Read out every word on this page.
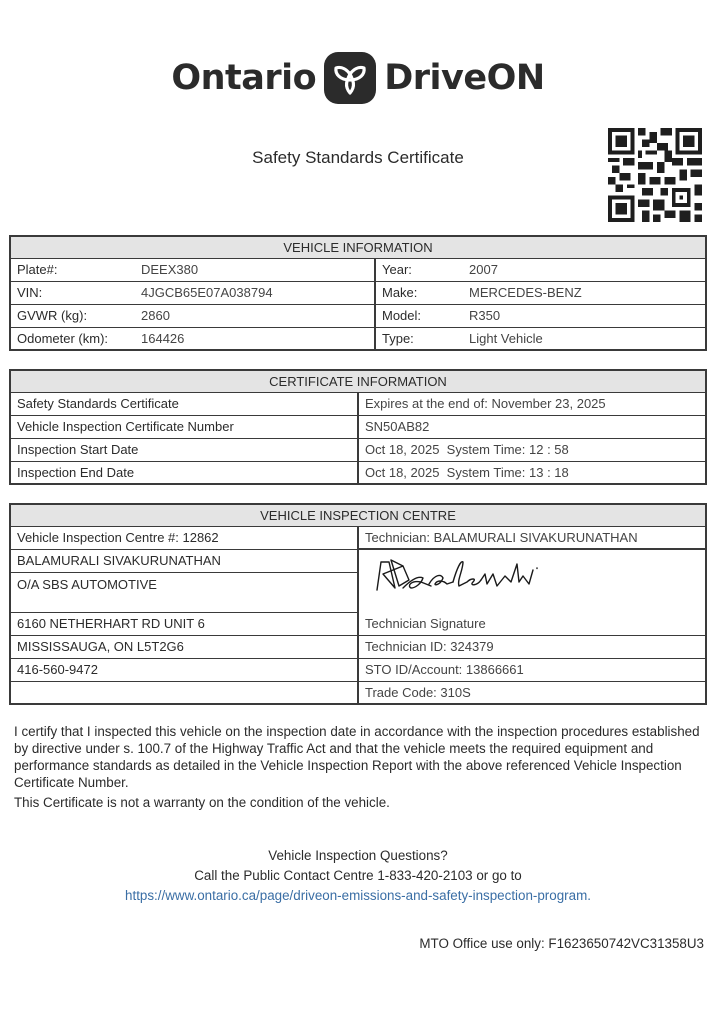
Ontario DriveON
Safety Standards Certificate
VEHICLE INFORMATION			
Plate#:	DEEX380	Year:	2007
VIN:	4JGCB65E07A038794	Make:	MERCEDES-BENZ
GVWR (kg):	2860	Model:	R350
Odometer (km):	164426	Type:	Light Vehicle
CERTIFICATE INFORMATION	
Safety Standards Certificate	Expires at the end of: November 23, 2025
Vehicle Inspection Certificate Number	SN50AB82
Inspection Start Date	Oct 18, 2025  System Time: 12 : 58
Inspection End Date	Oct 18, 2025  System Time: 13 : 18
VEHICLE INSPECTION CENTRE	
Vehicle Inspection Centre #: 12862	Technician: BALAMURALI SIVAKURUNATHAN
BALAMURALI SIVAKURUNATHAN	

O/A SBS AUTOMOTIVE	
6160 NETHERHART RD UNIT 6	Technician Signature
MISSISSAUGA, ON L5T2G6	Technician ID: 324379
416-560-9472	STO ID/Account: 13866661
	Trade Code: 310S

I certify that I inspected this vehicle on the inspection date in accordance with the inspection procedures established by directive under s. 100.7 of the Highway Traffic Act and that the vehicle meets the required equipment and performance standards as detailed in the Vehicle Inspection Report with the above referenced Vehicle Inspection Certificate Number.

This Certificate is not a warranty on the condition of the vehicle.

Vehicle Inspection Questions?
Call the Public Contact Centre 1-833-420-2103 or go to
https://www.ontario.ca/page/driveon-emissions-and-safety-inspection-program.
MTO Office use only: F1623650742VC31358U3
